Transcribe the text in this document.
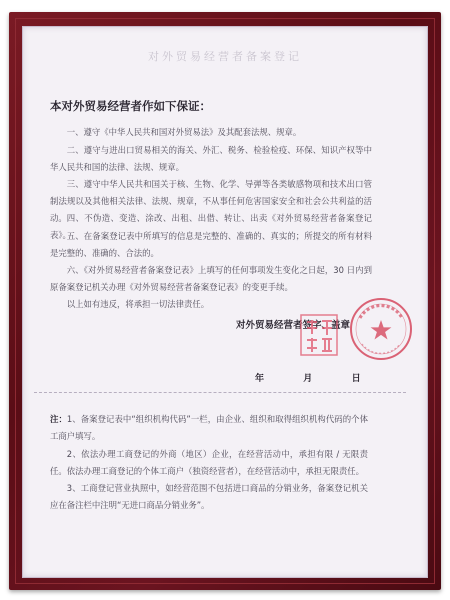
对外贸易经营者备案登记
本对外贸易经营者作如下保证：
一、遵守《中华人民共和国对外贸易法》及其配套法规、规章。
二、遵守与进出口贸易相关的海关、外汇、税务、检验检疫、环保、知识产权等中华人民共和国的法律、法规、规章。
三、遵守中华人民共和国关于核、生物、化学、导弹等各类敏感物项和技术出口管制法规以及其他相关法律、法规、规章，不从事任何危害国家安全和社会公共利益的活动。 四、不伪造、变造、涂改、出租、出借、转让、出卖《对外贸易经营者备案登记表》。
五、在备案登记表中所填写的信息是完整的、准确的、真实的；所提交的所有材料是完整的、准确的、合法的。
六、《对外贸易经营者备案登记表》上填写的任何事项发生变化之日起，30 日内到原备案登记机关办理《对外贸易经营者备案登记表》的变更手续。
以上如有违反，将承担一切法律责任。
对外贸易经营者签字、盖章
年	月	日
注：1、备案登记表中“组织机构代码”一栏，由企业、组织和取得组织机构代码的个体工商户填写。
2、依法办理工商登记的外商（地区）企业，在经营活动中，承担有限 / 无限责任。依法办理工商登记的个体工商户（独资经营者），在经营活动中，承担无限责任。
3、工商登记营业执照中，如经营范围不包括进口商品的分销业务，备案登记机关应在备注栏中注明“无进口商品分销业务”。
